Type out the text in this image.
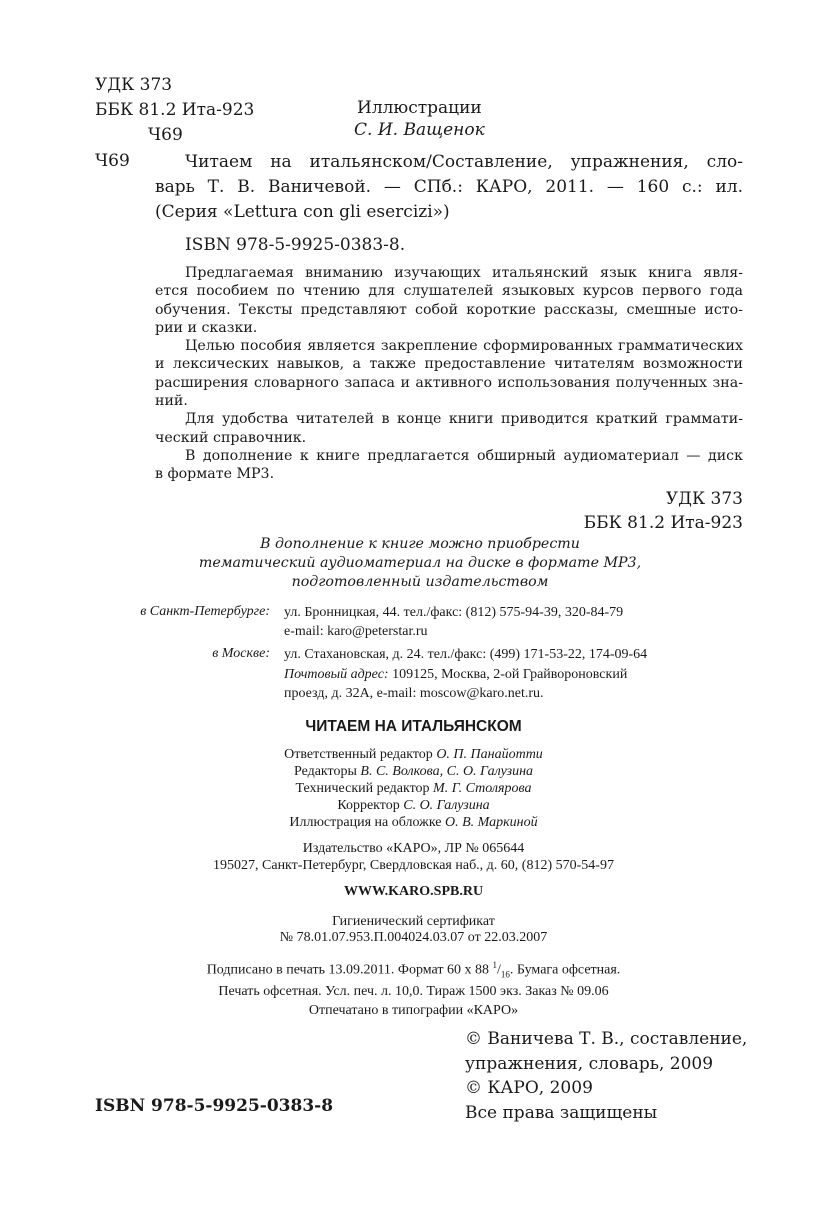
УДК 373
ББК 81.2 Ита-923
Ч69
Иллюстрации
С. И. Ващенок
Ч69	Читаем на итальянском/Составление, упражнения, сло-
варь Т. В. Ваничевой. — СПб.: КАРО, 2011. — 160 с.: ил.
(Серия «Lettura con gli esercizi»)
ISBN 978-5-9925-0383-8.
Предлагаемая вниманию изучающих итальянский язык книга явля-
ется пособием по чтению для слушателей языковых курсов первого года
обучения. Тексты представляют собой короткие рассказы, смешные исто-
рии и сказки.
Целью пособия является закрепление сформированных грамматических
и лексических навыков, а также предоставление читателям возможности
расширения словарного запаса и активного использования полученных зна-
ний.
Для удобства читателей в конце книги приводится краткий граммати-
ческий справочник.
В дополнение к книге предлагается обширный аудиоматериал — диск
в формате MP3.
УДК 373
ББК 81.2 Ита-923
В дополнение к книге можно приобрести
тематический аудиоматериал на диске в формате MP3,
подготовленный издательством
в Санкт-Петербурге: ул. Бронницкая, 44. тел./факс: (812) 575-94-39, 320-84-79
e-mail: karo@peterstar.ru
в Москве: ул. Стахановская, д. 24. тел./факс: (499) 171-53-22, 174-09-64
Почтовый адрес: 109125, Москва, 2-ой Грайвороновский
проезд, д. 32А, e-mail: moscow@karo.net.ru.
ЧИТАЕМ НА ИТАЛЬЯНСКОМ
Ответственный редактор О. П. Панайотти
Редакторы В. С. Волкова, С. О. Галузина
Технический редактор М. Г. Столярова
Корректор С. О. Галузина
Иллюстрация на обложке О. В. Маркиной
Издательство «КАРО», ЛР № 065644
195027, Санкт-Петербург, Свердловская наб., д. 60, (812) 570-54-97
WWW.KARO.SPB.RU
Гигиенический сертификат
№ 78.01.07.953.П.004024.03.07 от 22.03.2007
Подписано в печать 13.09.2011. Формат 60 x 88 $^1/_{16}$. Бумага офсетная.
Печать офсетная. Усл. печ. л. 10,0. Тираж 1500 экз. Заказ № 09.06
Отпечатано в типографии «КАРО»
© Ваничева Т. В., составление,
упражнения, словарь, 2009
© КАРО, 2009
Все права защищены
ISBN 978-5-9925-0383-8
